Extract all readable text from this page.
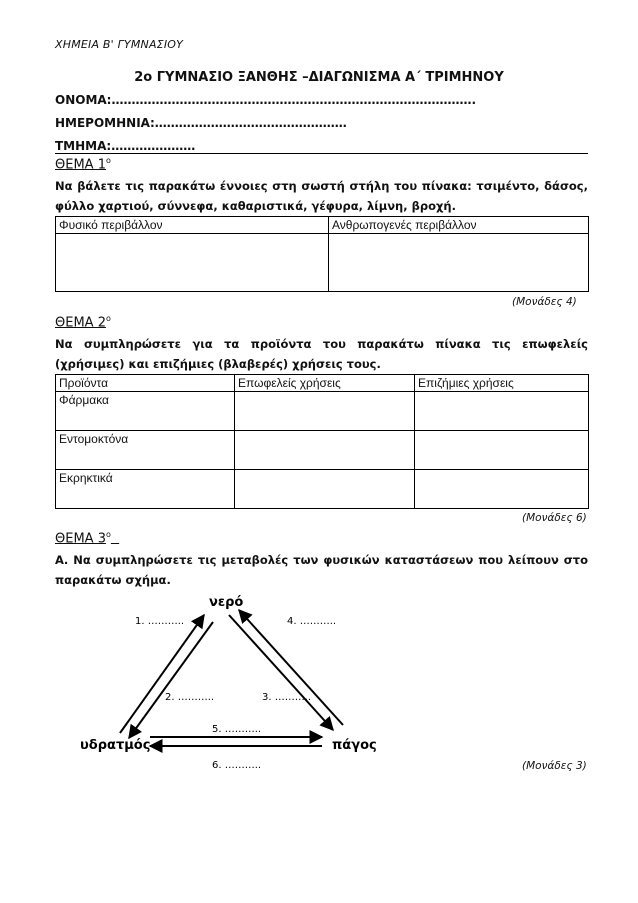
ΧΗΜΕΙΑ Β' ΓΥΜΝΑΣΙΟΥ
2ο ΓΥΜΝΑΣΙΟ ΞΑΝΘΗΣ –ΔΙΑΓΩΝΙΣΜΑ Α΄ ΤΡΙΜΗΝΟΥ
ΟΝΟΜΑ:……………………………………………………………………………….
ΗΜΕΡΟΜΗΝΙΑ:…………………………………………
ΤΜΗΜΑ:…………………
ΘΕΜΑ $1^o$
Να βάλετε τις παρακάτω έννοιες στη σωστή στήλη του πίνακα: τσιμέντο, δάσος, φύλλο χαρτιού, σύννεφα, καθαριστικά, γέφυρα, λίμνη, βροχή.
Φυσικό περιβάλλον	Ανθρωπογενές περιβάλλον

(Μονάδες 4)
ΘΕΜΑ $2^o$
Να συμπληρώσετε για τα προϊόντα του παρακάτω πίνακα τις επωφελείς (χρήσιμες) και επιζήμιες (βλαβερές) χρήσεις τους.
Προϊόντα	Επωφελείς χρήσεις	Επιζήμιες χρήσεις
Φάρμακα		
Εντομοκτόνα		
Εκρηκτικά		
(Μονάδες 6)
ΘΕΜΑ $3^o$
Α. Να συμπληρώσετε τις μεταβολές των φυσικών καταστάσεων που λείπουν στο παρακάτω σχήμα.
νερό
υδρατμός	πάγος
1. ………..
2. ………..	3. ………..
4. ………..
5. ………..
6. ………..	(Μονάδες 3)
